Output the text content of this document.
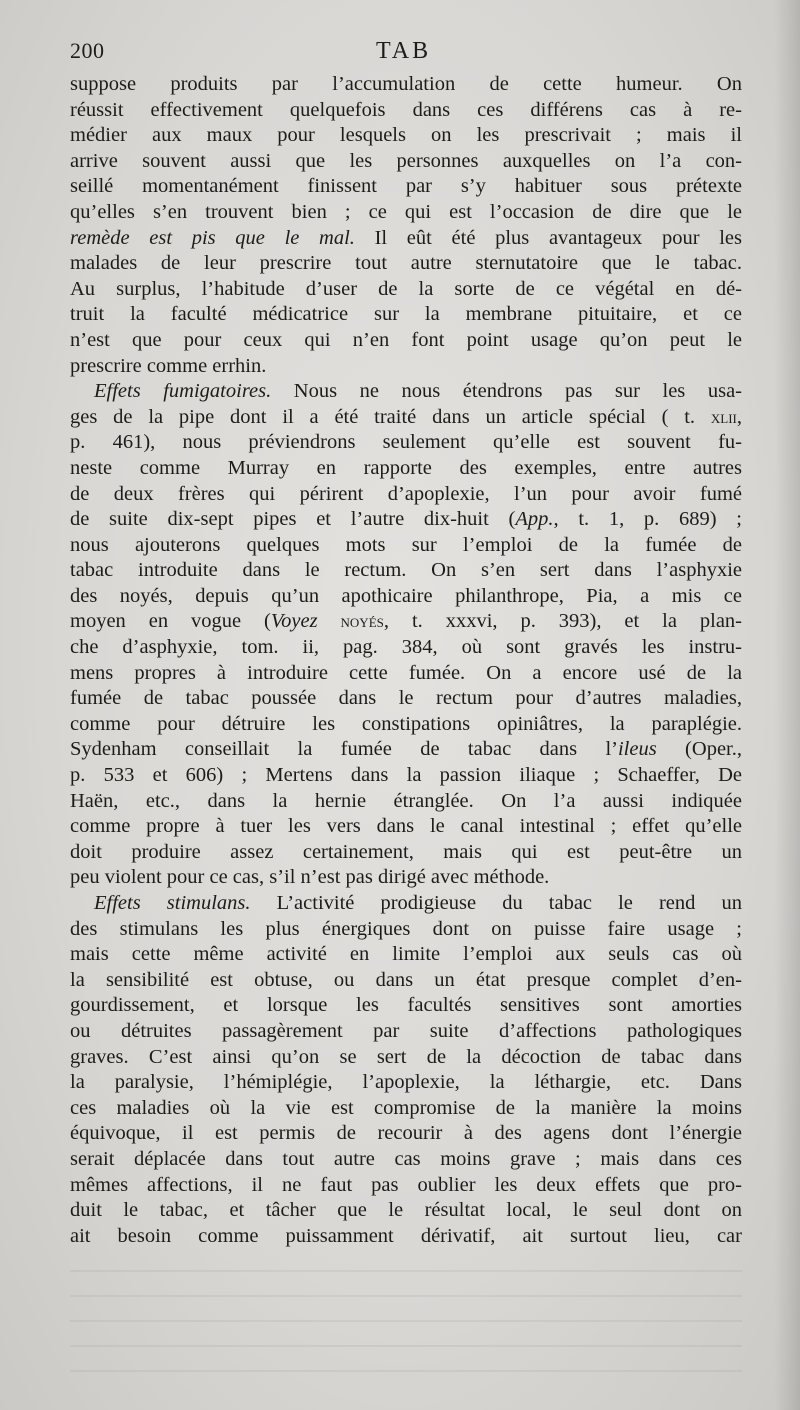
200	TAB
suppose produits par l’accumulation de cette humeur. On
réussit effectivement quelquefois dans ces différens cas à re-
médier aux maux pour lesquels on les prescrivait ; mais il
arrive souvent aussi que les personnes auxquelles on l’a con-
seillé momentanément finissent par s’y habituer sous prétexte
qu’elles s’en trouvent bien ; ce qui est l’occasion de dire que le
remède est pis que le mal. Il eût été plus avantageux pour les
malades de leur prescrire tout autre sternutatoire que le tabac.
Au surplus, l’habitude d’user de la sorte de ce végétal en dé-
truit la faculté médicatrice sur la membrane pituitaire, et ce
n’est que pour ceux qui n’en font point usage qu’on peut le
prescrire comme errhin.
Effets fumigatoires. Nous ne nous étendrons pas sur les usa-
ges de la pipe dont il a été traité dans un article spécial ( t. xlii,
p. 461), nous préviendrons seulement qu’elle est souvent fu-
neste comme Murray en rapporte des exemples, entre autres
de deux frères qui périrent d’apoplexie, l’un pour avoir fumé
de suite dix-sept pipes et l’autre dix-huit (App., t. 1, p. 689) ;
nous ajouterons quelques mots sur l’emploi de la fumée de
tabac introduite dans le rectum. On s’en sert dans l’asphyxie
des noyés, depuis qu’un apothicaire philanthrope, Pia, a mis ce
moyen en vogue (Voyez noyés, t. xxxvi, p. 393), et la plan-
che d’asphyxie, tom. ii, pag. 384, où sont gravés les instru-
mens propres à introduire cette fumée. On a encore usé de la
fumée de tabac poussée dans le rectum pour d’autres maladies,
comme pour détruire les constipations opiniâtres, la paraplégie.
Sydenham conseillait la fumée de tabac dans l’ileus (Oper.,
p. 533 et 606) ; Mertens dans la passion iliaque ; Schaeffer, De
Haën, etc., dans la hernie étranglée. On l’a aussi indiquée
comme propre à tuer les vers dans le canal intestinal ; effet qu’elle
doit produire assez certainement, mais qui est peut-être un
peu violent pour ce cas, s’il n’est pas dirigé avec méthode.
Effets stimulans. L’activité prodigieuse du tabac le rend un
des stimulans les plus énergiques dont on puisse faire usage ;
mais cette même activité en limite l’emploi aux seuls cas où
la sensibilité est obtuse, ou dans un état presque complet d’en-
gourdissement, et lorsque les facultés sensitives sont amorties
ou détruites passagèrement par suite d’affections pathologiques
graves. C’est ainsi qu’on se sert de la décoction de tabac dans
la paralysie, l’hémiplégie, l’apoplexie, la léthargie, etc. Dans
ces maladies où la vie est compromise de la manière la moins
équivoque, il est permis de recourir à des agens dont l’énergie
serait déplacée dans tout autre cas moins grave ; mais dans ces
mêmes affections, il ne faut pas oublier les deux effets que pro-
duit le tabac, et tâcher que le résultat local, le seul dont on
ait besoin comme puissamment dérivatif, ait surtout lieu, car
